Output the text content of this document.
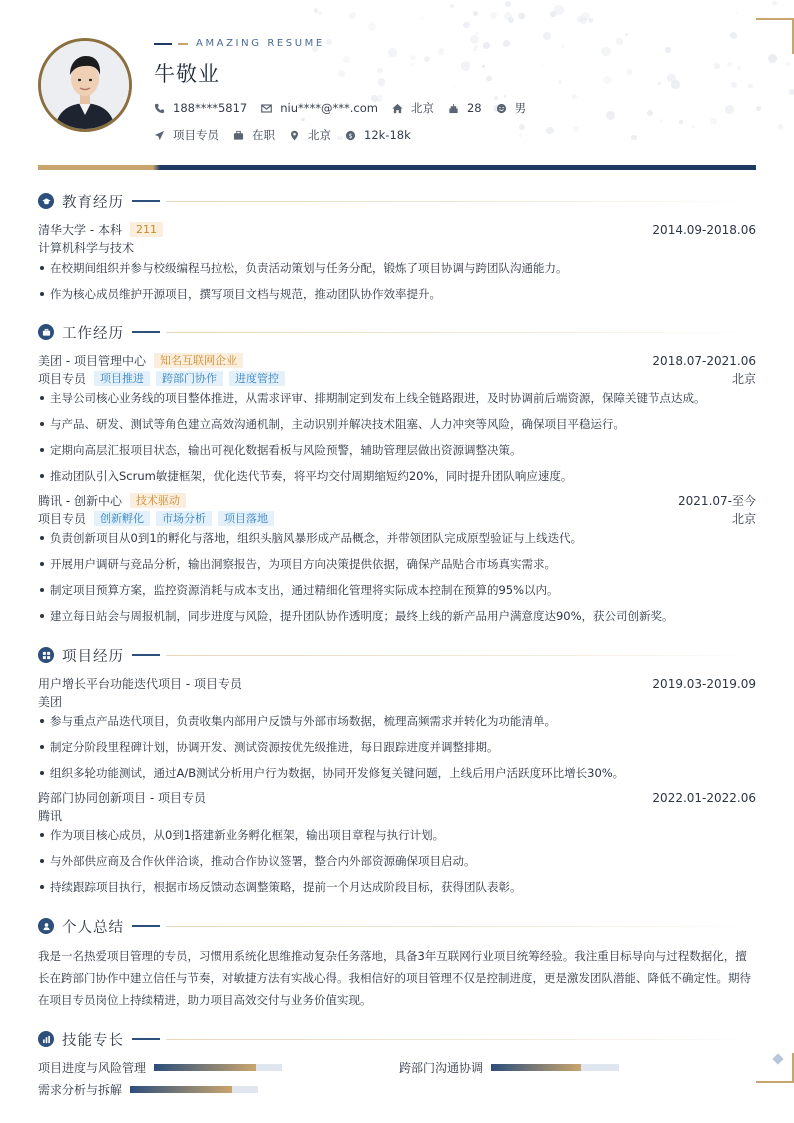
AMAZING RESUME
牛敬业
188****5817	niu****@***.com	北京	28	男
项目专员	在职	北京 $ 12k-18k
教育经历
清华大学 - 本科	211	2014.09-2018.06
计算机科学与技术
在校期间组织并参与校级编程马拉松，负责活动策划与任务分配，锻炼了项目协调与跨团队沟通能力。
作为核心成员维护开源项目，撰写项目文档与规范，推动团队协作效率提升。
工作经历
美团 - 项目管理中心	知名互联网企业	2018.07-2021.06
项目专员	项目推进	跨部门协作	进度管控	北京
主导公司核心业务线的项目整体推进，从需求评审、排期制定到发布上线全链路跟进，及时协调前后端资源，保障关键节点达成。
与产品、研发、测试等角色建立高效沟通机制，主动识别并解决技术阻塞、人力冲突等风险，确保项目平稳运行。
定期向高层汇报项目状态，输出可视化数据看板与风险预警，辅助管理层做出资源调整决策。
推动团队引入Scrum敏捷框架，优化迭代节奏，将平均交付周期缩短约20%，同时提升团队响应速度。
腾讯 - 创新中心	技术驱动	2021.07-至今
项目专员	创新孵化	市场分析	项目落地	北京
负责创新项目从0到1的孵化与落地，组织头脑风暴形成产品概念，并带领团队完成原型验证与上线迭代。
开展用户调研与竞品分析，输出洞察报告，为项目方向决策提供依据，确保产品贴合市场真实需求。
制定项目预算方案，监控资源消耗与成本支出，通过精细化管理将实际成本控制在预算的95%以内。
建立每日站会与周报机制，同步进度与风险，提升团队协作透明度；最终上线的新产品用户满意度达90%，获公司创新奖。
项目经历
用户增长平台功能迭代项目 - 项目专员	2019.03-2019.09
美团
参与重点产品迭代项目，负责收集内部用户反馈与外部市场数据，梳理高频需求并转化为功能清单。
制定分阶段里程碑计划，协调开发、测试资源按优先级推进，每日跟踪进度并调整排期。
组织多轮功能测试，通过A/B测试分析用户行为数据，协同开发修复关键问题，上线后用户活跃度环比增长30%。
跨部门协同创新项目 - 项目专员	2022.01-2022.06
腾讯
作为项目核心成员，从0到1搭建新业务孵化框架，输出项目章程与执行计划。
与外部供应商及合作伙伴洽谈，推动合作协议签署，整合内外部资源确保项目启动。
持续跟踪项目执行，根据市场反馈动态调整策略，提前一个月达成阶段目标，获得团队表彰。
个人总结
我是一名热爱项目管理的专员，习惯用系统化思维推动复杂任务落地，具备3年互联网行业项目统筹经验。我注重目标导向与过程数据化，擅长在跨部门协作中建立信任与节奏，对敏捷方法有实战心得。我相信好的项目管理不仅是控制进度，更是激发团队潜能、降低不确定性。期待在项目专员岗位上持续精进，助力项目高效交付与业务价值实现。
技能专长
项目进度与风险管理	跨部门沟通协调
需求分析与拆解
